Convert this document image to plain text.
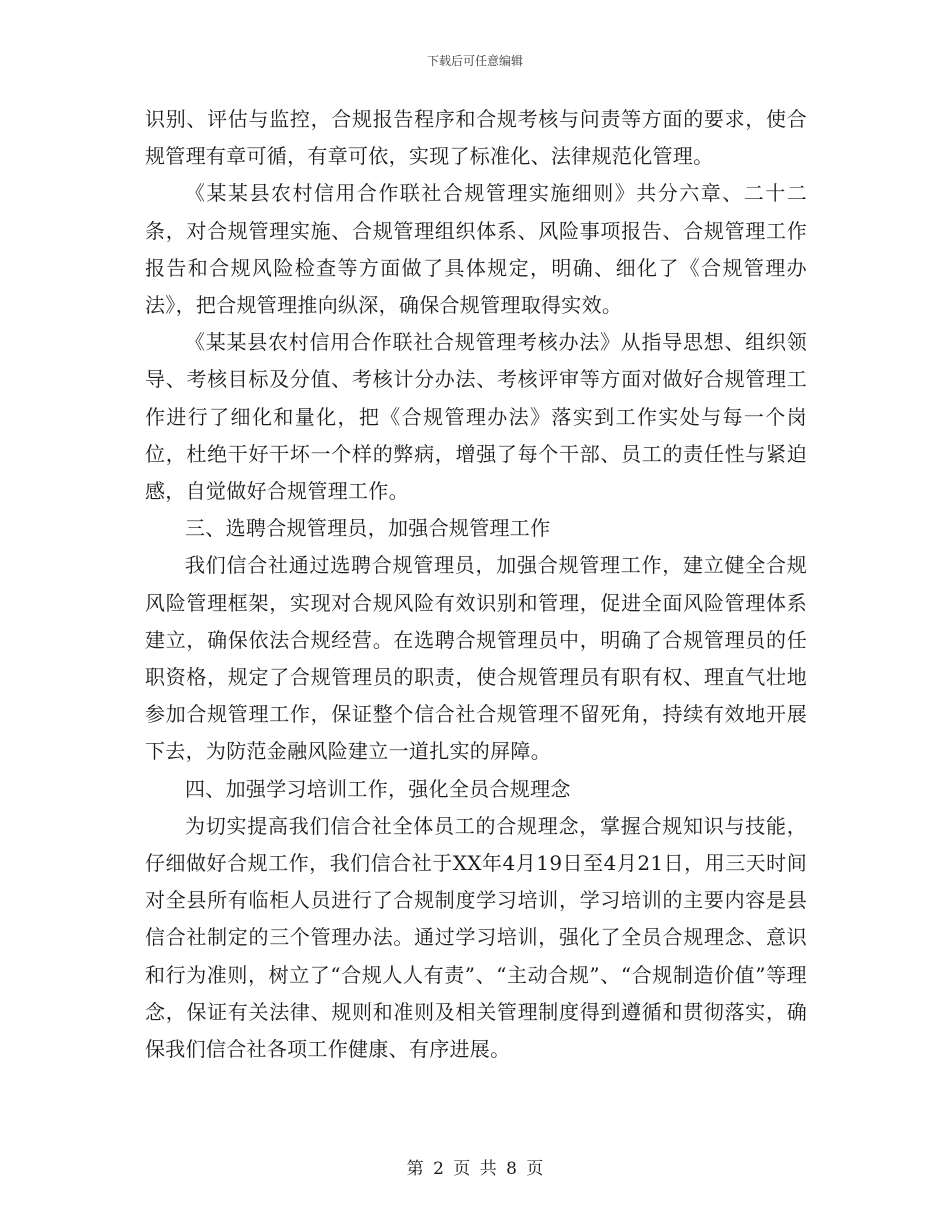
下载后可任意编辑

识别、评估与监控，合规报告程序和合规考核与问责等方面的要求，使合规管理有章可循，有章可依，实现了标准化、法律规范化管理。

《某某县农村信用合作联社合规管理实施细则》共分六章、二十二条，对合规管理实施、合规管理组织体系、风险事项报告、合规管理工作报告和合规风险检查等方面做了具体规定，明确、细化了《合规管理办法》，把合规管理推向纵深，确保合规管理取得实效。

《某某县农村信用合作联社合规管理考核办法》从指导思想、组织领导、考核目标及分值、考核计分办法、考核评审等方面对做好合规管理工作进行了细化和量化，把《合规管理办法》落实到工作实处与每一个岗位，杜绝干好干坏一个样的弊病，增强了每个干部、员工的责任性与紧迫感，自觉做好合规管理工作。

三、选聘合规管理员，加强合规管理工作

我们信合社通过选聘合规管理员，加强合规管理工作，建立健全合规风险管理框架，实现对合规风险有效识别和管理，促进全面风险管理体系建立，确保依法合规经营。在选聘合规管理员中，明确了合规管理员的任职资格，规定了合规管理员的职责，使合规管理员有职有权、理直气壮地参加合规管理工作，保证整个信合社合规管理不留死角，持续有效地开展下去，为防范金融风险建立一道扎实的屏障。

四、加强学习培训工作，强化全员合规理念

为切实提高我们信合社全体员工的合规理念，掌握合规知识与技能，仔细做好合规工作，我们信合社于XX年4月19日至4月21日，用三天时间对全县所有临柜人员进行了合规制度学习培训，学习培训的主要内容是县信合社制定的三个管理办法。通过学习培训，强化了全员合规理念、意识和行为准则，树立了“合规人人有责”、“主动合规”、“合规制造价值”等理念，保证有关法律、规则和准则及相关管理制度得到遵循和贯彻落实，确保我们信合社各项工作健康、有序进展。

第 2 页 共 8 页
